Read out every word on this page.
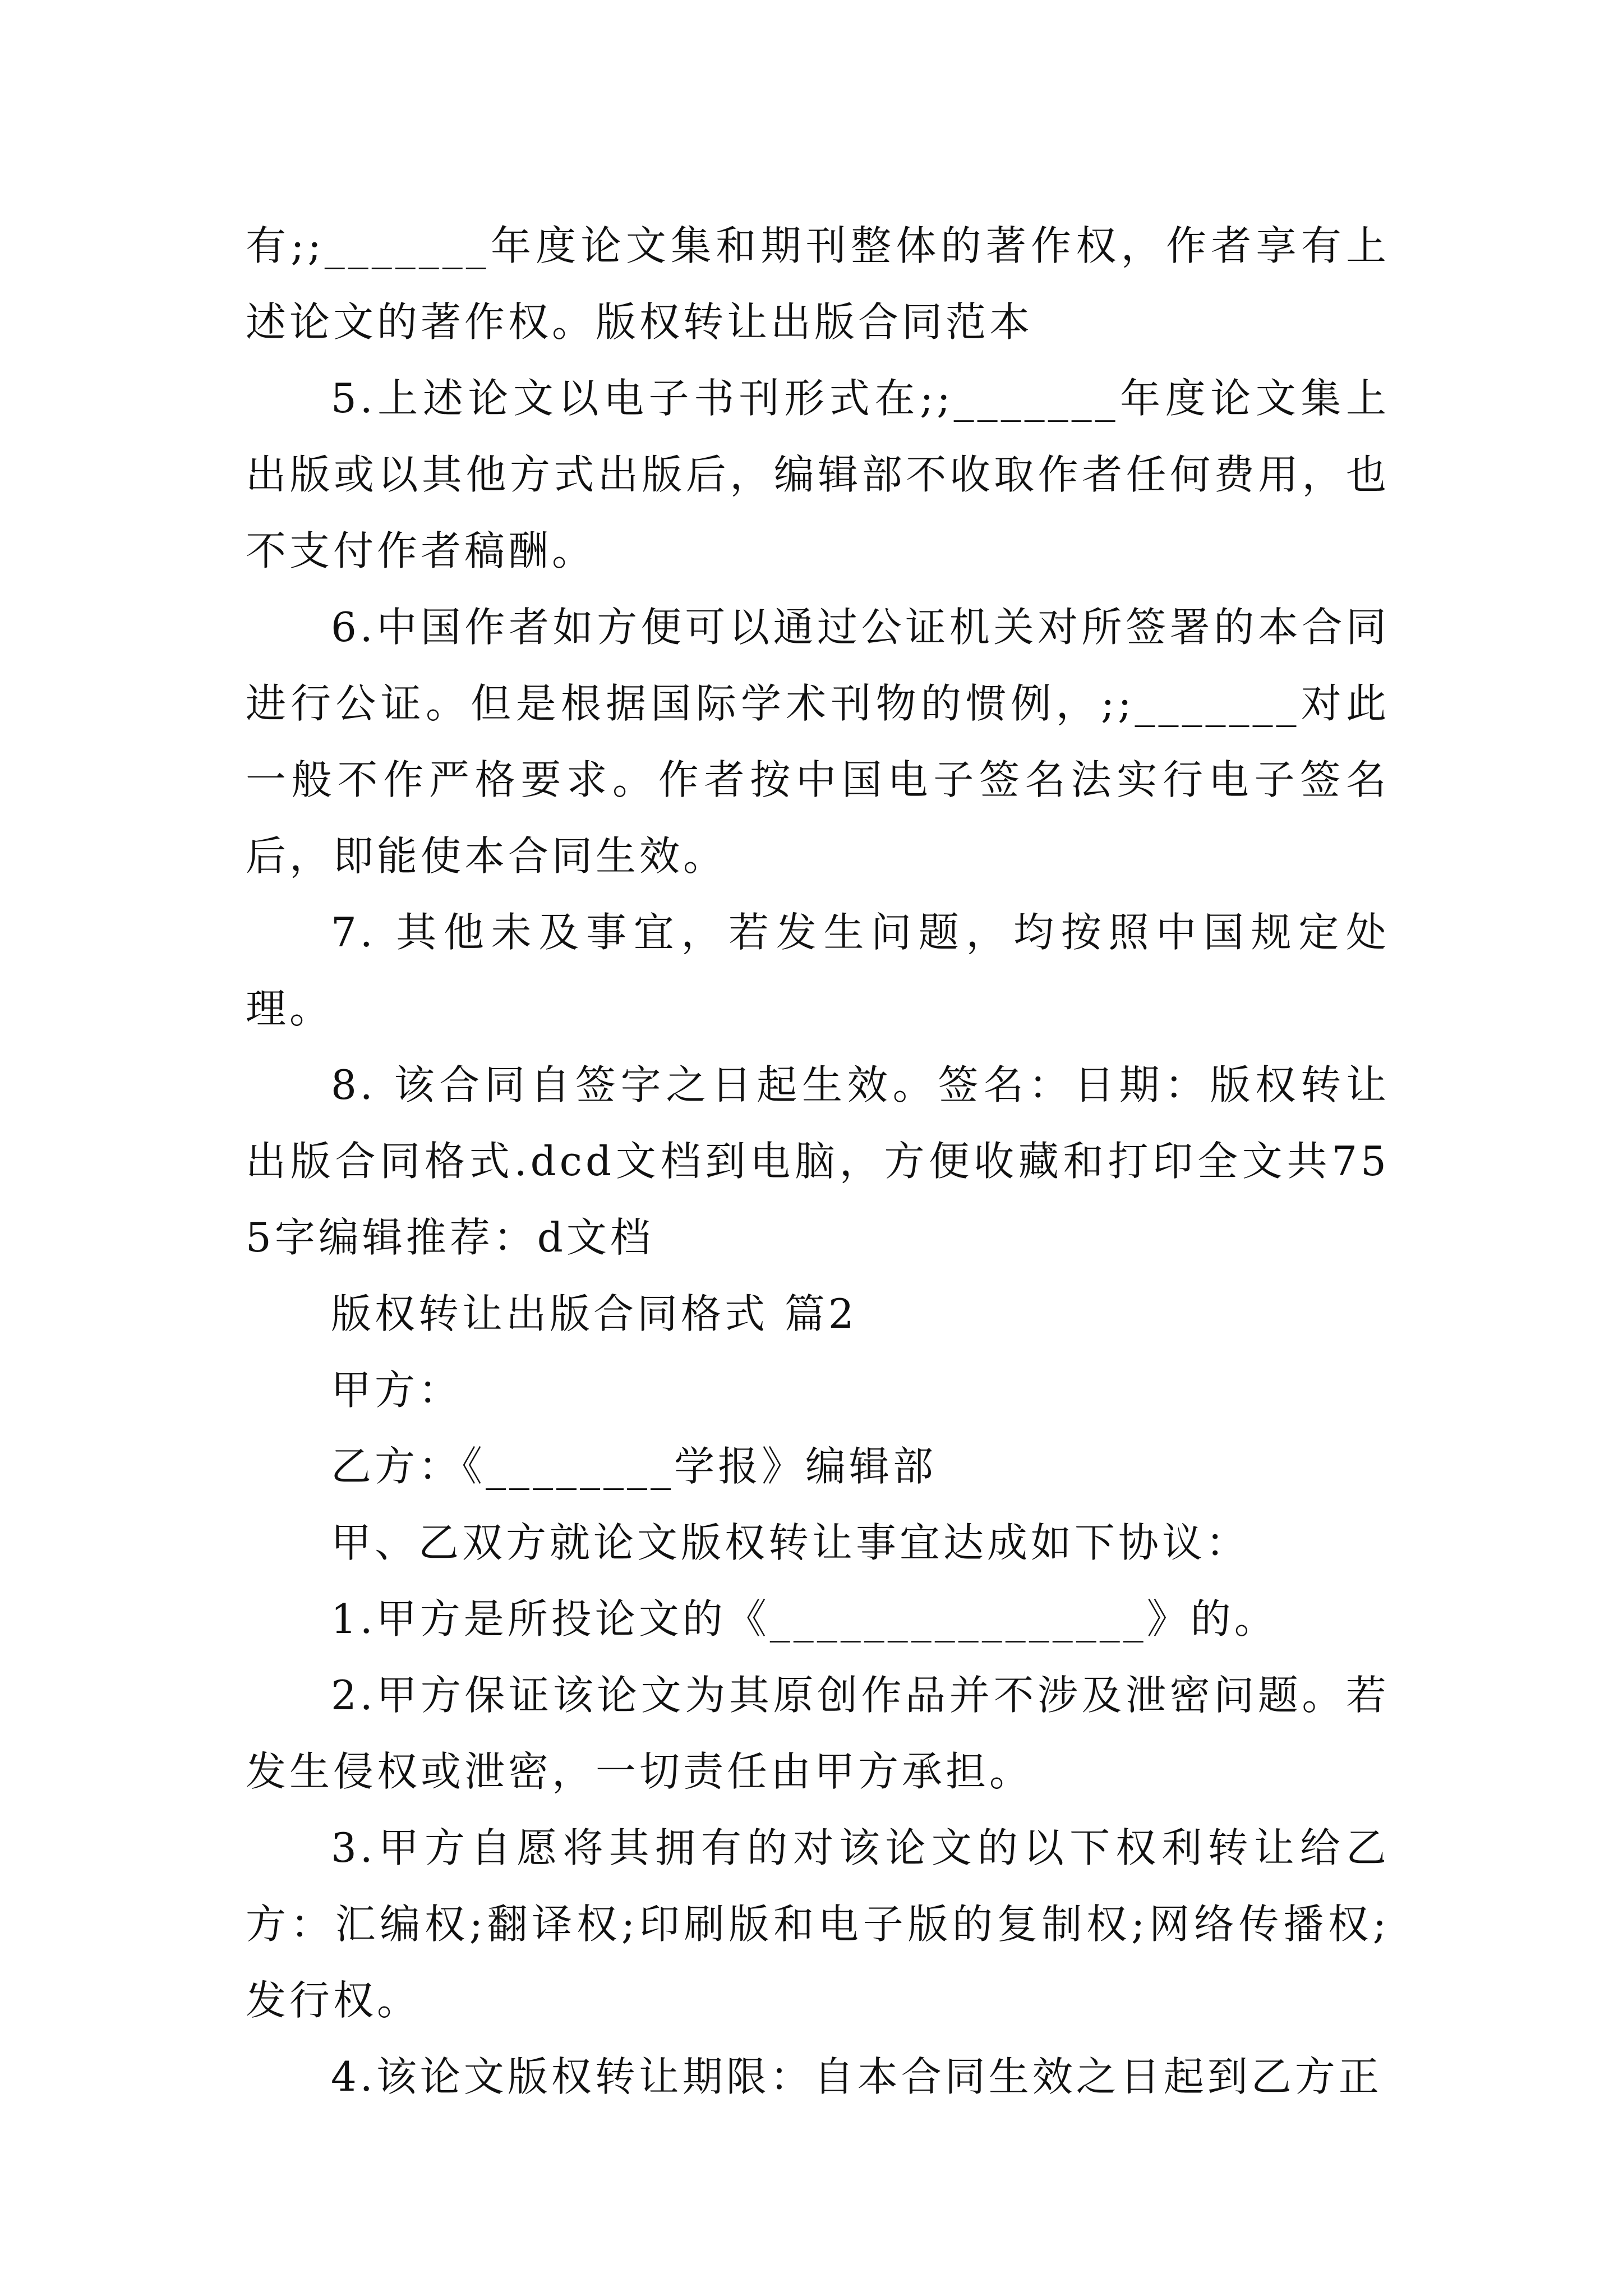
有;;_______年度论文集和期刊整体的著作权，作者享有上述论文的著作权。版权转让出版合同范本

5.上述论文以电子书刊形式在;;_______年度论文集上出版或以其他方式出版后，编辑部不收取作者任何费用，也不支付作者稿酬。

6.中国作者如方便可以通过公证机关对所签署的本合同进行公证。但是根据国际学术刊物的惯例，;;_______对此一般不作严格要求。作者按中国电子签名法实行电子签名后，即能使本合同生效。

7. 其他未及事宜，若发生问题，均按照中国规定处理。

8. 该合同自签字之日起生效。签名：日期：版权转让出版合同格式.dcd文档到电脑，方便收藏和打印全文共755字编辑推荐：d文档

版权转让出版合同格式 篇2

甲方：

乙方：《________学报》编辑部

甲、乙双方就论文版权转让事宜达成如下协议：

1.甲方是所投论文的《________________》的。

2.甲方保证该论文为其原创作品并不涉及泄密问题。若发生侵权或泄密，一切责任由甲方承担。

3.甲方自愿将其拥有的对该论文的以下权利转让给乙方：汇编权;翻译权;印刷版和电子版的复制权;网络传播权;发行权。

4.该论文版权转让期限：自本合同生效之日起到乙方正
